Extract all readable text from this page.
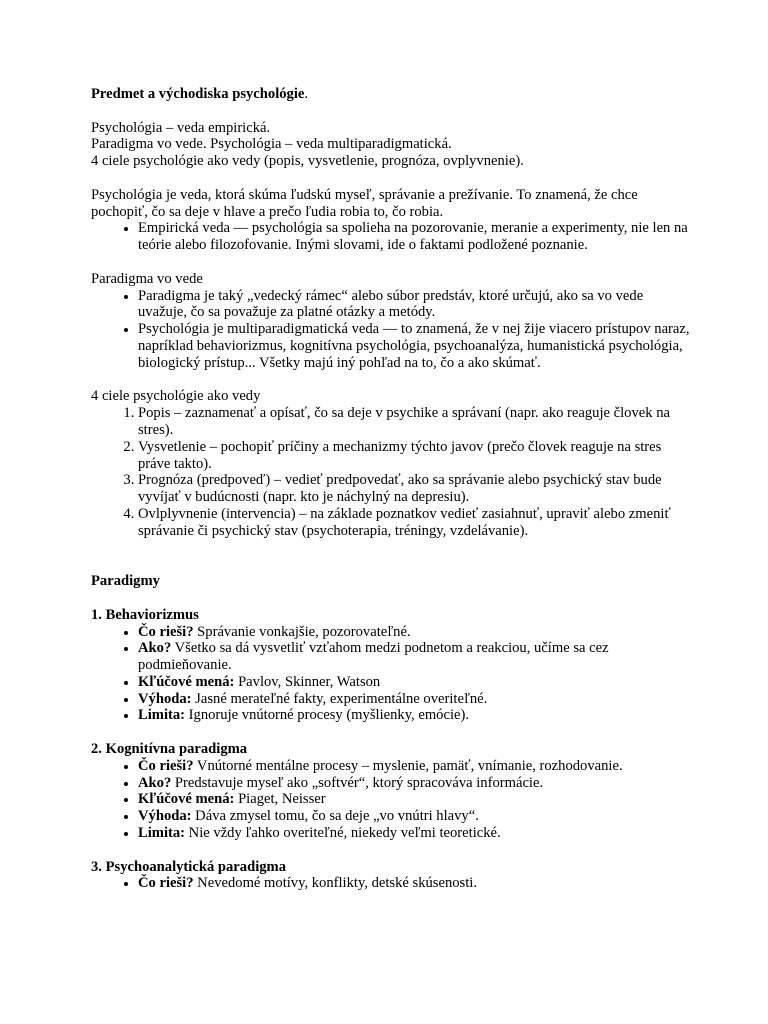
Predmet a východiska psychológie.

Psychológia – veda empirická.

Paradigma vo vede. Psychológia – veda multiparadigmatická.

4 ciele psychológie ako vedy (popis, vysvetlenie, prognóza, ovplyvnenie).

Psychológia je veda, ktorá skúma ľudskú myseľ, správanie a prežívanie. To znamená, že chce pochopiť, čo sa deje v hlave a prečo ľudia robia to, čo robia.

• Empirická veda — psychológia sa spolieha na pozorovanie, meranie a experimenty, nie len na teórie alebo filozofovanie. Inými slovami, ide o faktami podložené poznanie.

Paradigma vo vede

• Paradigma je taký „vedecký rámec“ alebo súbor predstáv, ktoré určujú, ako sa vo vede uvažuje, čo sa považuje za platné otázky a metódy.
• Psychológia je multiparadigmatická veda — to znamená, že v nej žije viacero prístupov naraz, napríklad behaviorizmus, kognitívna psychológia, psychoanalýza, humanistická psychológia, biologický prístup... Všetky majú iný pohľad na to, čo a ako skúmať.

4 ciele psychológie ako vedy

1. Popis – zaznamenať a opísať, čo sa deje v psychike a správaní (napr. ako reaguje človek na stres).
2. Vysvetlenie – pochopiť príčiny a mechanizmy týchto javov (prečo človek reaguje na stres práve takto).
3. Prognóza (predpoveď) – vedieť predpovedať, ako sa správanie alebo psychický stav bude vyvíjať v budúcnosti (napr. kto je náchylný na depresiu).
4. Ovlplyvnenie (intervencia) – na základe poznatkov vedieť zasiahnuť, upraviť alebo zmeniť správanie či psychický stav (psychoterapia, tréningy, vzdelávanie).

Paradigmy

1. Behaviorizmus

• Čo rieši? Správanie vonkajšie, pozorovateľné.
• Ako? Všetko sa dá vysvetliť vzťahom medzi podnetom a reakciou, učíme sa cez podmieňovanie.
• Kľúčové mená: Pavlov, Skinner, Watson
• Výhoda: Jasné merateľné fakty, experimentálne overiteľné.
• Limita: Ignoruje vnútorné procesy (myšlienky, emócie).

2. Kognitívna paradigma

• Čo rieši? Vnútorné mentálne procesy – myslenie, pamäť, vnímanie, rozhodovanie.
• Ako? Predstavuje myseľ ako „softvér“, ktorý spracováva informácie.
• Kľúčové mená: Piaget, Neisser
• Výhoda: Dáva zmysel tomu, čo sa deje „vo vnútri hlavy“.
• Limita: Nie vždy ľahko overiteľné, niekedy veľmi teoretické.

3. Psychoanalytická paradigma

• Čo rieši? Nevedomé motívy, konflikty, detské skúsenosti.
